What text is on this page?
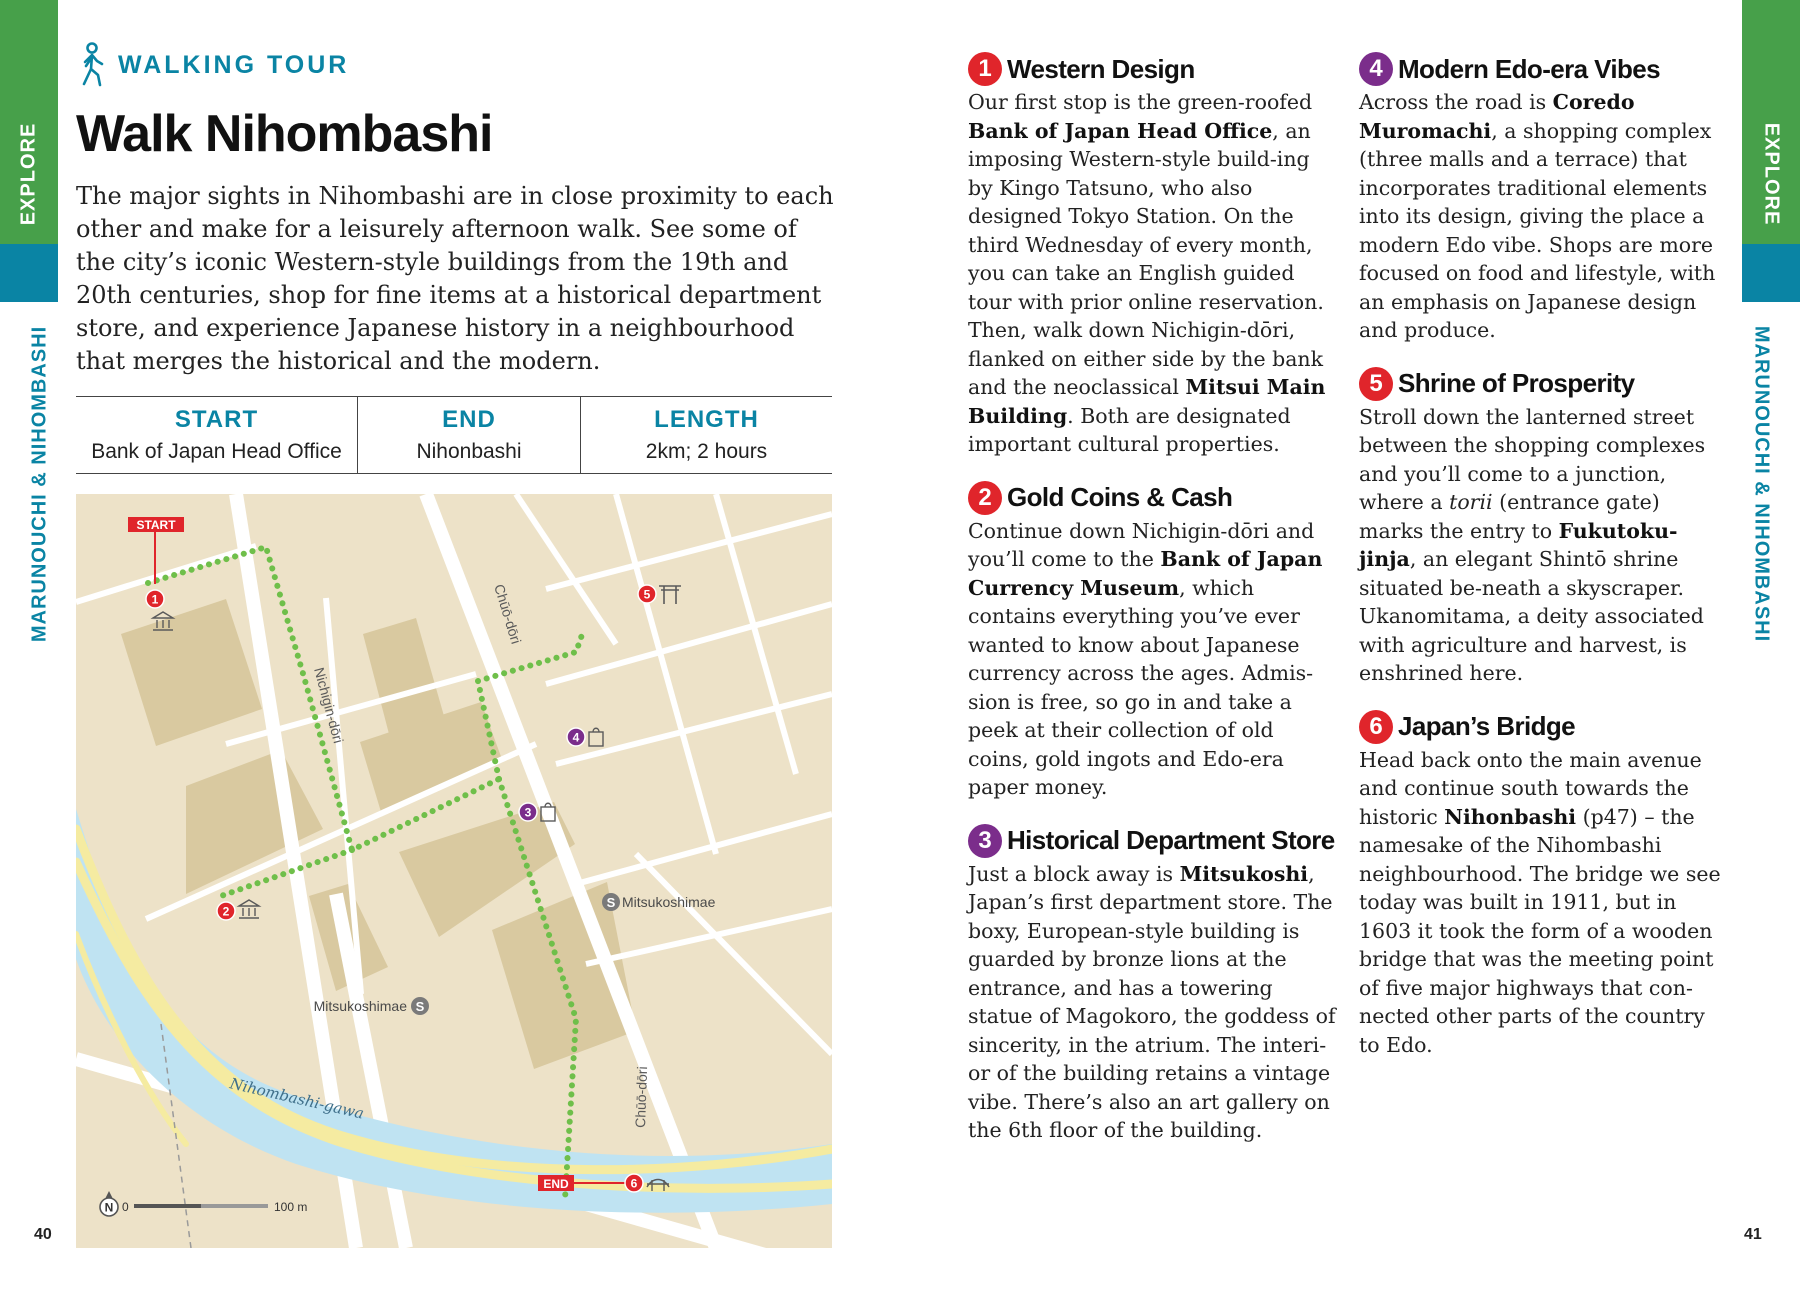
EXPLORE
MARUNOUCHI & NIHOMBASHI
EXPLORE
MARUNOUCHI & NIHOMBASHI
WALKING TOUR
Walk Nihombashi

The major sights in Nihombashi are in close proximity to each other and make for a leisurely afternoon walk. See some of the city’s iconic Western-style buildings from the 19th and 20th centuries, shop for fine items at a historical department store, and experience Japanese history in a neighbourhood that merges the historical and the modern.

START
Bank of Japan Head Office
END
Nihonbashi
LENGTH
2km; 2 hours
START
END
1
2
3
4
5
6
Nichigin-dōri
Chūō-dōri
Chūō-dōri
Nihombashi-gawa
S Mitsukoshimae
S
Mitsukoshimae
N 0	100 m
40	41
1 Western Design
Our first stop is the green-roofed Bank of Japan Head Office, an imposing Western-style build-ing by Kingo Tatsuno, who also designed Tokyo Station. On the third Wednesday of every month, you can take an English guided tour with prior online reservation. Then, walk down Nichigin-dōri, flanked on either side by the bank and the neoclassical Mitsui Main Building. Both are designated important cultural properties.
2 Gold Coins & Cash
Continue down Nichigin-dōri and you’ll come to the Bank of Japan Currency Museum, which contains everything you’ve ever wanted to know about Japanese currency across the ages. Admis-sion is free, so go in and take a peek at their collection of old coins, gold ingots and Edo-era paper money.
3 Historical Department Store
Just a block away is Mitsukoshi, Japan’s first department store. The boxy, European-style building is guarded by bronze lions at the entrance, and has a towering statue of Magokoro, the goddess of sincerity, in the atrium. The interi-or of the building retains a vintage vibe. There’s also an art gallery on the 6th floor of the building.
4 Modern Edo-era Vibes
Across the road is Coredo Muromachi, a shopping complex (three malls and a terrace) that incorporates traditional elements into its design, giving the place a modern Edo vibe. Shops are more focused on food and lifestyle, with an emphasis on Japanese design and produce.
5 Shrine of Prosperity
Stroll down the lanterned street between the shopping complexes and you’ll come to a junction, where a torii (entrance gate) marks the entry to Fukutoku-jinja, an elegant Shintō shrine situated be-neath a skyscraper. Ukanomitama, a deity associated with agriculture and harvest, is enshrined here.
6 Japan’s Bridge
Head back onto the main avenue and continue south towards the historic Nihonbashi (p47) – the namesake of the Nihombashi neighbourhood. The bridge we see today was built in 1911, but in 1603 it took the form of a wooden bridge that was the meeting point of five major highways that con-nected other parts of the country to Edo.
